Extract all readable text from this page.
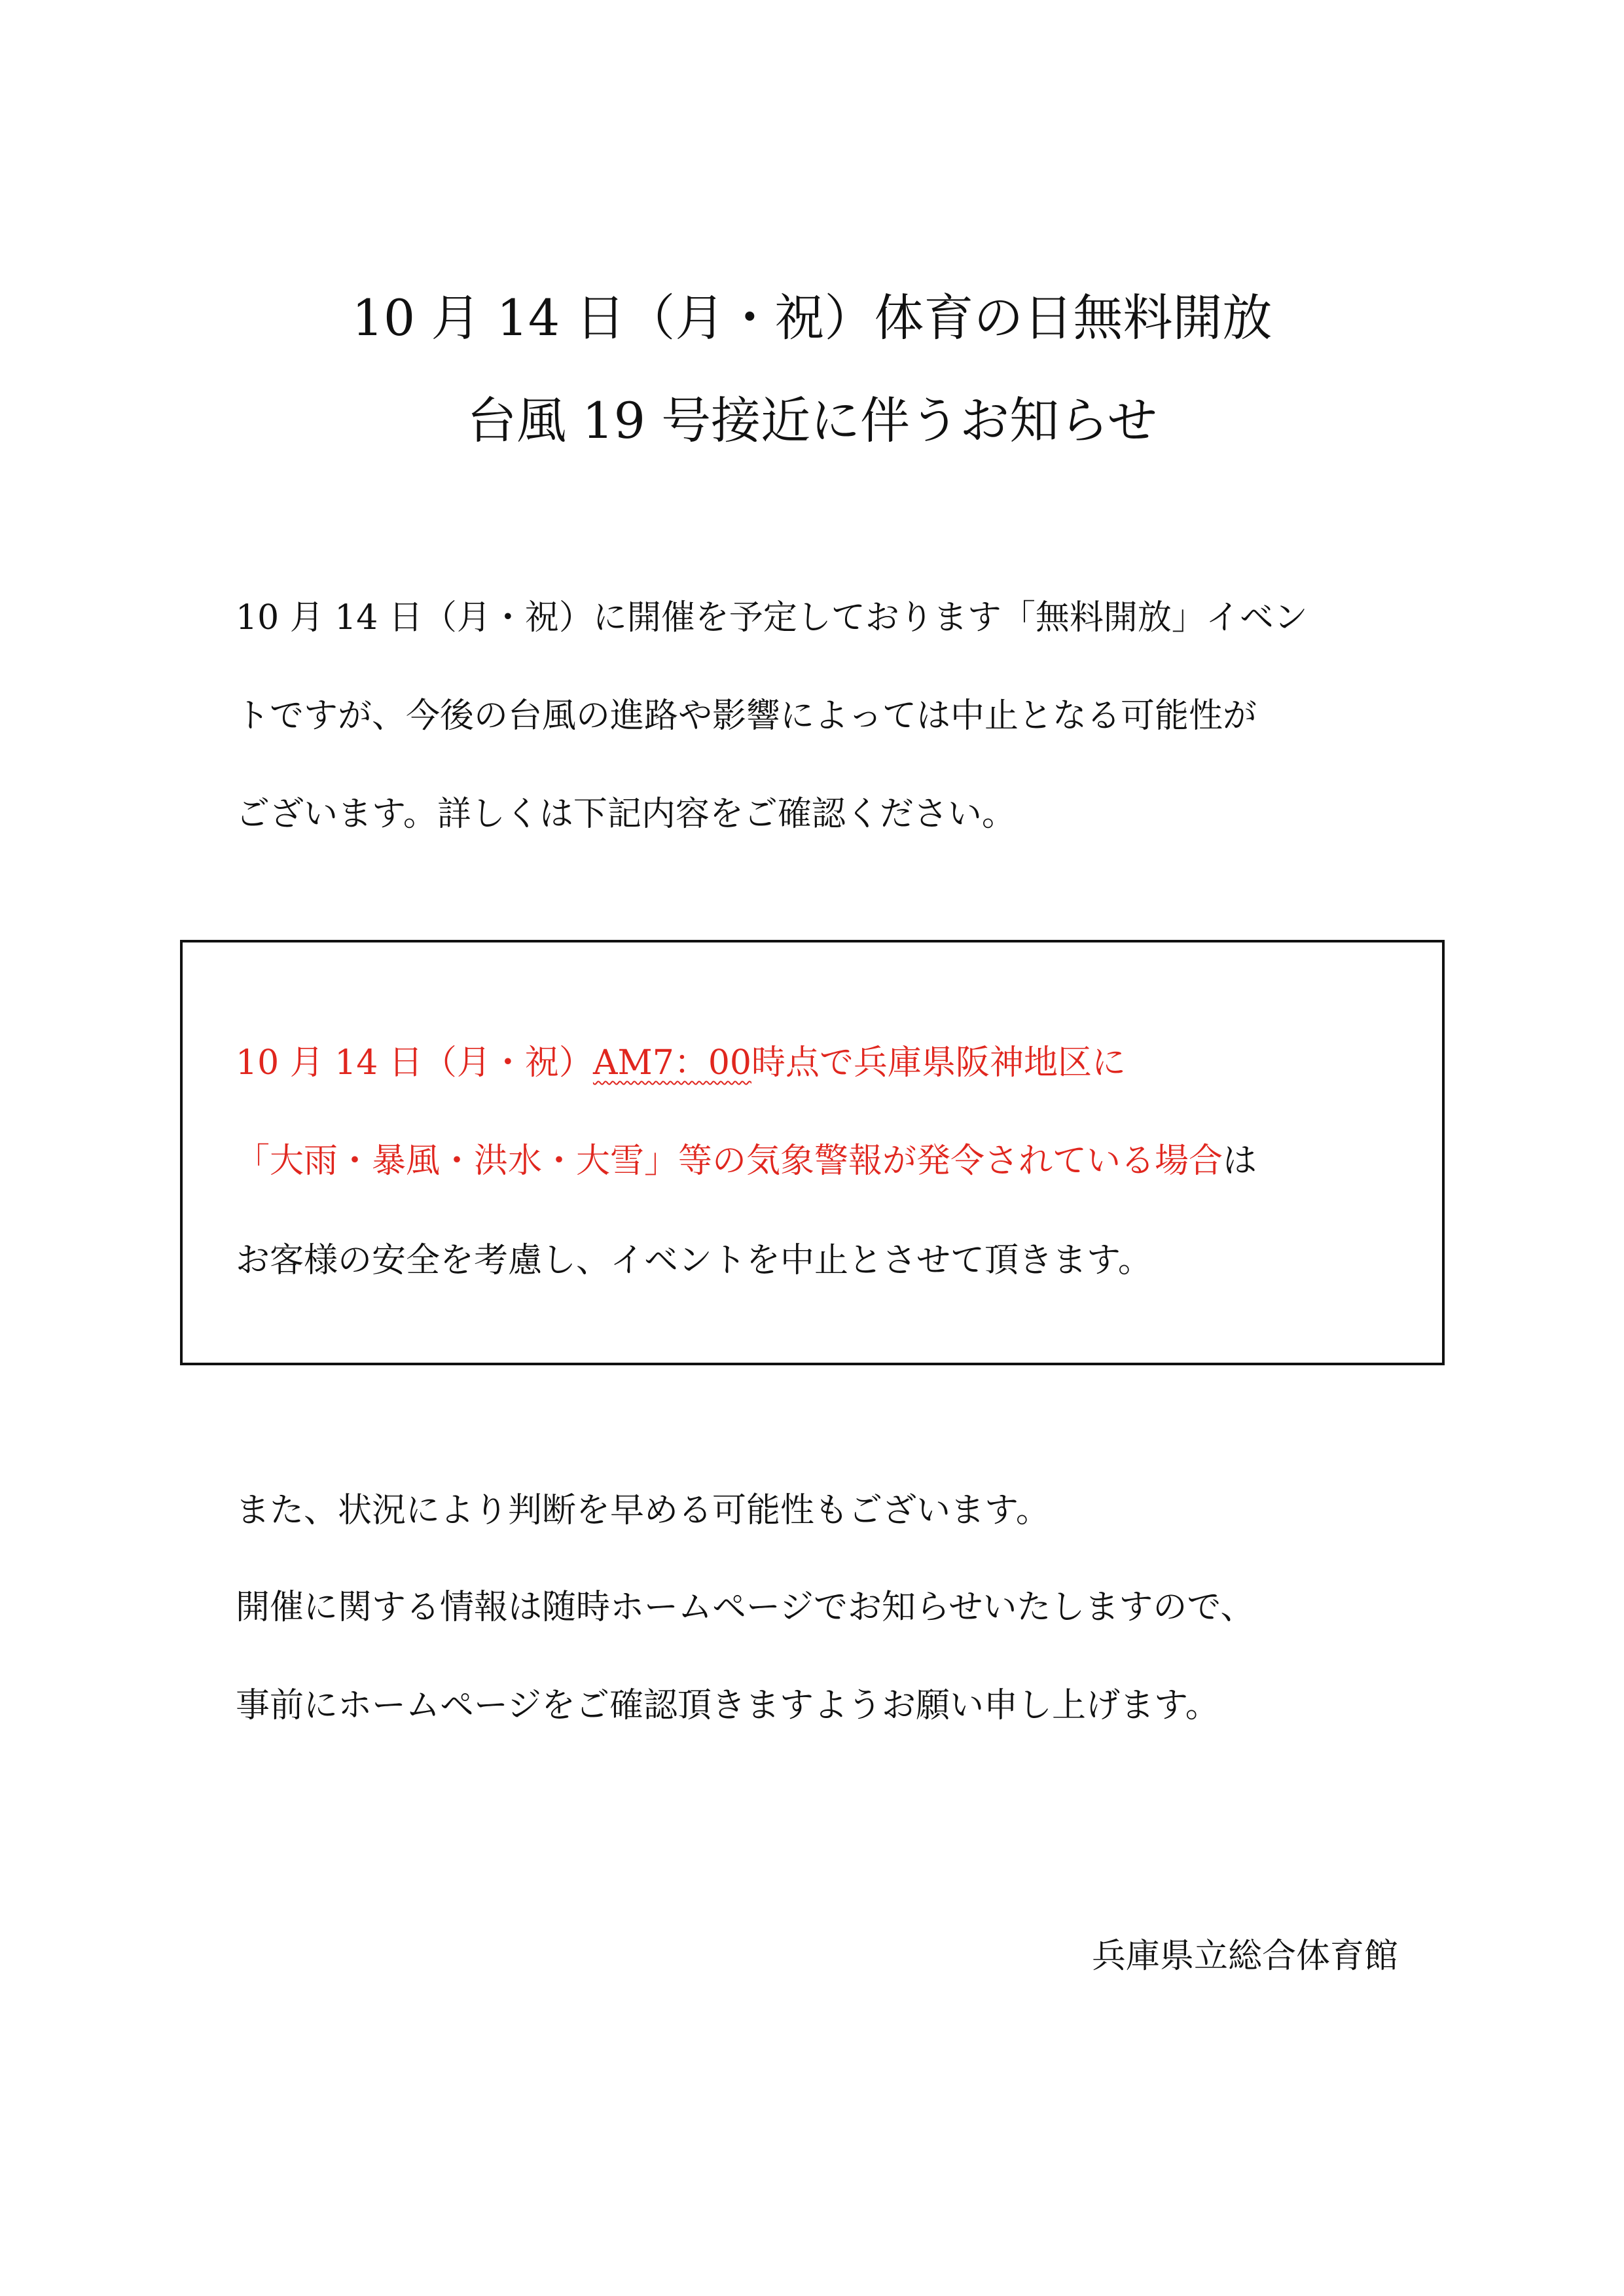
10 月 14 日（月・祝）体育の日無料開放
台風 19 号接近に伴うお知らせ
10 月 14 日（月・祝）に開催を予定しております「無料開放」イベン
トですが、今後の台風の進路や影響によっては中止となる可能性が
ございます。詳しくは下記内容をご確認ください。
10 月 14 日（月・祝）AM7：00時点で兵庫県阪神地区に
「大雨・暴風・洪水・大雪」等の気象警報が発令されている場合は
お客様の安全を考慮し、イベントを中止とさせて頂きます。
また、状況により判断を早める可能性もございます。
開催に関する情報は随時ホームページでお知らせいたしますので、
事前にホームページをご確認頂きますようお願い申し上げます。
兵庫県立総合体育館
